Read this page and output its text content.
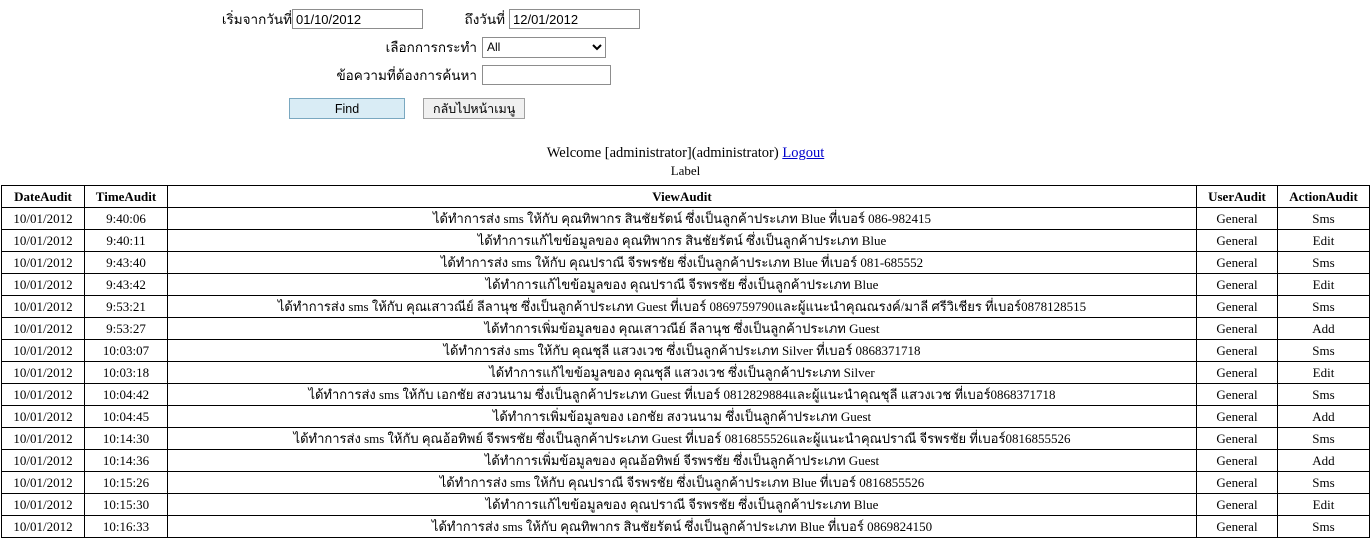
เริ่มจากวันที่
01/10/2012	ถึงวันที่
12/01/2012
เลือกการกระทำ
All
ข้อความที่ต้องการค้นหา
Find	กลับไปหน้าเมนู
Welcome [administrator](administrator) Logout
Label
DateAudit	TimeAudit	ViewAudit	UserAudit	ActionAudit
10/01/2012	9:40:06	ได้ทำการส่ง sms ให้กับ คุณทิพากร สินชัยรัตน์ ซึ่งเป็นลูกค้าประเภท Blue ที่เบอร์ 086-982415	General	Sms
10/01/2012	9:40:11	ได้ทำการแก้ไขข้อมูลของ คุณทิพากร สินชัยรัตน์ ซึ่งเป็นลูกค้าประเภท Blue	General	Edit
10/01/2012	9:43:40	ได้ทำการส่ง sms ให้กับ คุณปราณี จีรพรชัย ซึ่งเป็นลูกค้าประเภท Blue ที่เบอร์ 081-685552	General	Sms
10/01/2012	9:43:42	ได้ทำการแก้ไขข้อมูลของ คุณปราณี จีรพรชัย ซึ่งเป็นลูกค้าประเภท Blue	General	Edit
10/01/2012	9:53:21	ได้ทำการส่ง sms ให้กับ คุณเสาวณีย์ ลีลานุช ซึ่งเป็นลูกค้าประเภท Guest ที่เบอร์ 0869759790และผู้แนะนำคุณณรงค์/มาลี ศรีวิเชียร ที่เบอร์0878128515	General	Sms
10/01/2012	9:53:27	ได้ทำการเพิ่มข้อมูลของ คุณเสาวณีย์ ลีลานุช ซึ่งเป็นลูกค้าประเภท Guest	General	Add
10/01/2012	10:03:07	ได้ทำการส่ง sms ให้กับ คุณชุลี แสวงเวช ซึ่งเป็นลูกค้าประเภท Silver ที่เบอร์ 0868371718	General	Sms
10/01/2012	10:03:18	ได้ทำการแก้ไขข้อมูลของ คุณชุลี แสวงเวช ซึ่งเป็นลูกค้าประเภท Silver	General	Edit
10/01/2012	10:04:42	ได้ทำการส่ง sms ให้กับ เอกชัย สงวนนาม ซึ่งเป็นลูกค้าประเภท Guest ที่เบอร์ 0812829884และผู้แนะนำคุณชุลี แสวงเวช ที่เบอร์0868371718	General	Sms
10/01/2012	10:04:45	ได้ทำการเพิ่มข้อมูลของ เอกชัย สงวนนาม ซึ่งเป็นลูกค้าประเภท Guest	General	Add
10/01/2012	10:14:30	ได้ทำการส่ง sms ให้กับ คุณอ้อทิพย์ จีรพรชัย ซึ่งเป็นลูกค้าประเภท Guest ที่เบอร์ 0816855526และผู้แนะนำคุณปราณี จีรพรชัย ที่เบอร์0816855526	General	Sms
10/01/2012	10:14:36	ได้ทำการเพิ่มข้อมูลของ คุณอ้อทิพย์ จีรพรชัย ซึ่งเป็นลูกค้าประเภท Guest	General	Add
10/01/2012	10:15:26	ได้ทำการส่ง sms ให้กับ คุณปราณี จีรพรชัย ซึ่งเป็นลูกค้าประเภท Blue ที่เบอร์ 0816855526	General	Sms
10/01/2012	10:15:30	ได้ทำการแก้ไขข้อมูลของ คุณปราณี จีรพรชัย ซึ่งเป็นลูกค้าประเภท Blue	General	Edit
10/01/2012	10:16:33	ได้ทำการส่ง sms ให้กับ คุณทิพากร สินชัยรัตน์ ซึ่งเป็นลูกค้าประเภท Blue ที่เบอร์ 0869824150	General	Sms
